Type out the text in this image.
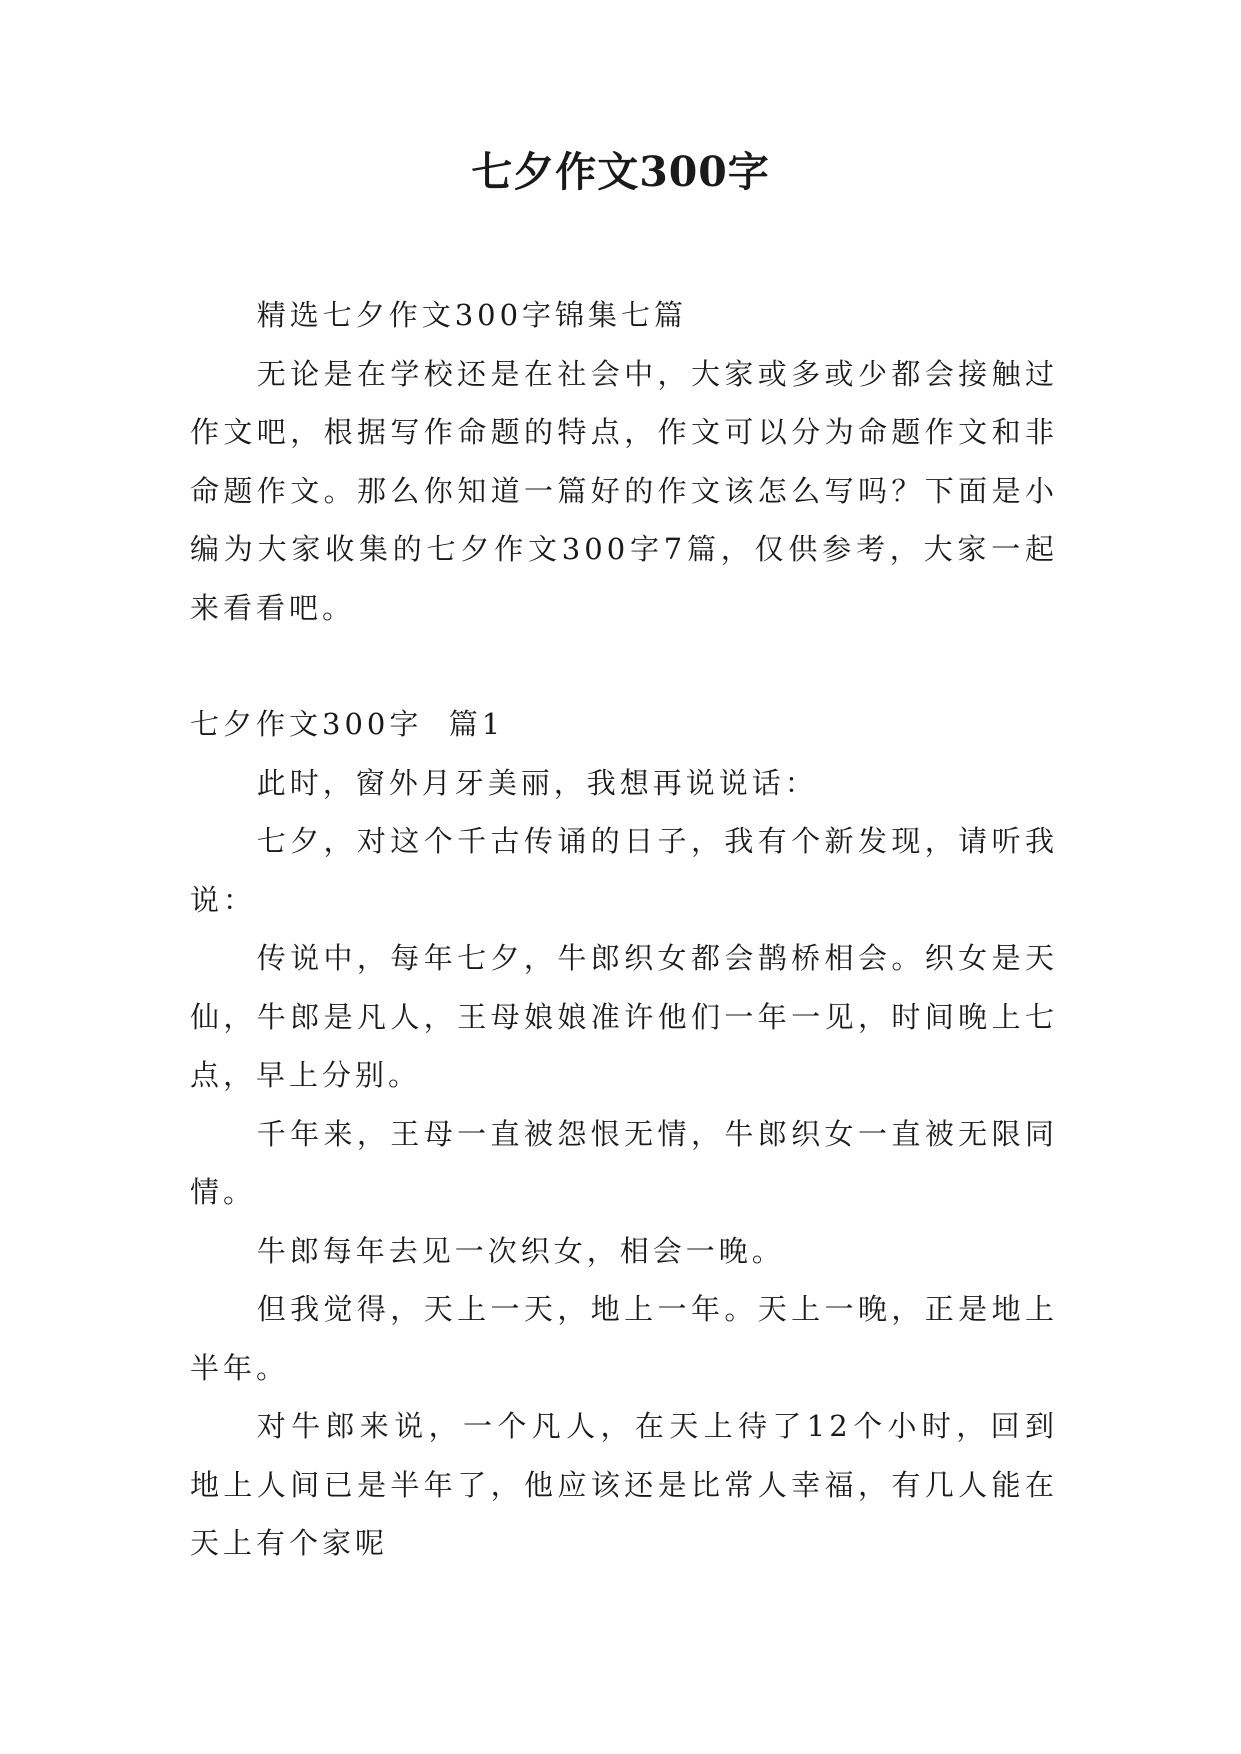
七夕作文300字

精选七夕作文300字锦集七篇

无论是在学校还是在社会中，大家或多或少都会接触过作文吧，根据写作命题的特点，作文可以分为命题作文和非命题作文。那么你知道一篇好的作文该怎么写吗？下面是小编为大家收集的七夕作文300字7篇，仅供参考，大家一起来看看吧。

七夕作文300字  篇1

此时，窗外月牙美丽，我想再说说话：

七夕，对这个千古传诵的日子，我有个新发现，请听我说：

传说中，每年七夕，牛郎织女都会鹊桥相会。织女是天仙，牛郎是凡人，王母娘娘准许他们一年一见，时间晚上七点，早上分别。

千年来，王母一直被怨恨无情，牛郎织女一直被无限同情。

牛郎每年去见一次织女，相会一晚。

但我觉得，天上一天，地上一年。天上一晚，正是地上半年。

对牛郎来说，一个凡人，在天上待了12个小时，回到地上人间已是半年了，他应该还是比常人幸福，有几人能在天上有个家呢
